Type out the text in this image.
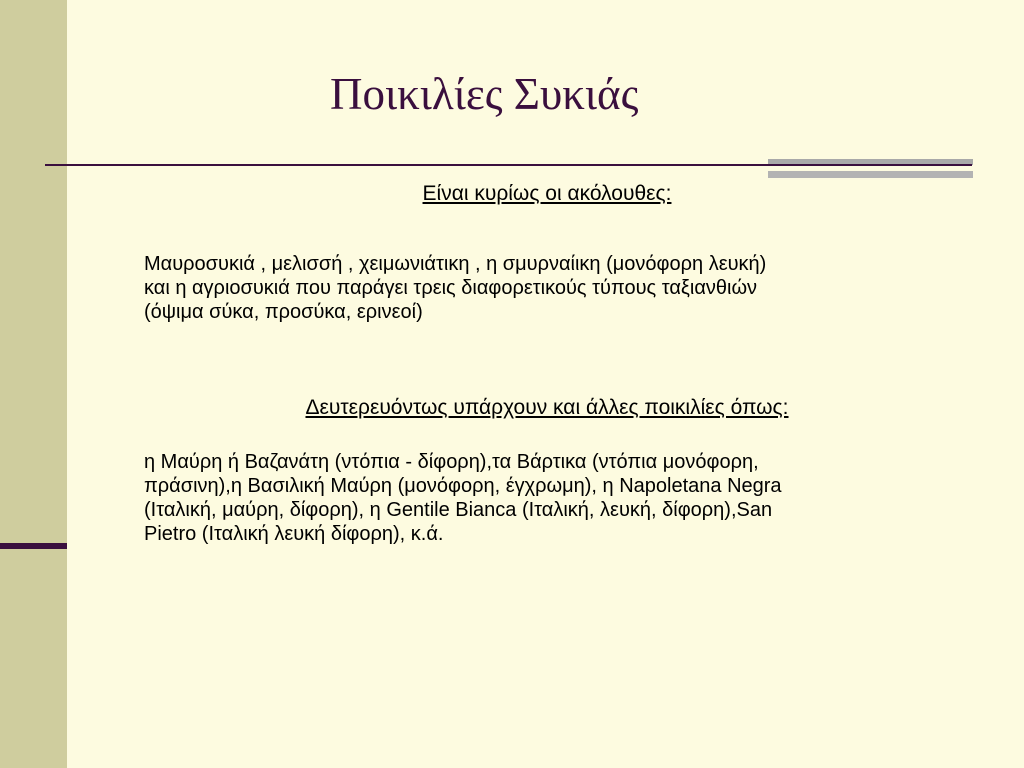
Ποικιλίες Συκιάς
Είναι κυρίως οι ακόλουθες:
Μαυροσυκιά , μελισσή , χειμωνιάτικη , η σμυρναίικη (μονόφορη λευκή)
και η αγριοσυκιά που παράγει τρεις διαφορετικούς τύπους ταξιανθιών
(όψιμα σύκα, προσύκα, ερινεοί)
Δευτερευόντως υπάρχουν και άλλες ποικιλίες όπως:
η Μαύρη ή Βαζανάτη (ντόπια - δίφορη),τα Βάρτικα (ντόπια μονόφορη,
πράσινη),η Βασιλική Μαύρη (μονόφορη, έγχρωμη), η Napoletana Negra
(Ιταλική, μαύρη, δίφορη), η Gentile Bianca (Ιταλική, λευκή, δίφορη),San
Pietro (Ιταλική λευκή δίφορη), κ.ά.
